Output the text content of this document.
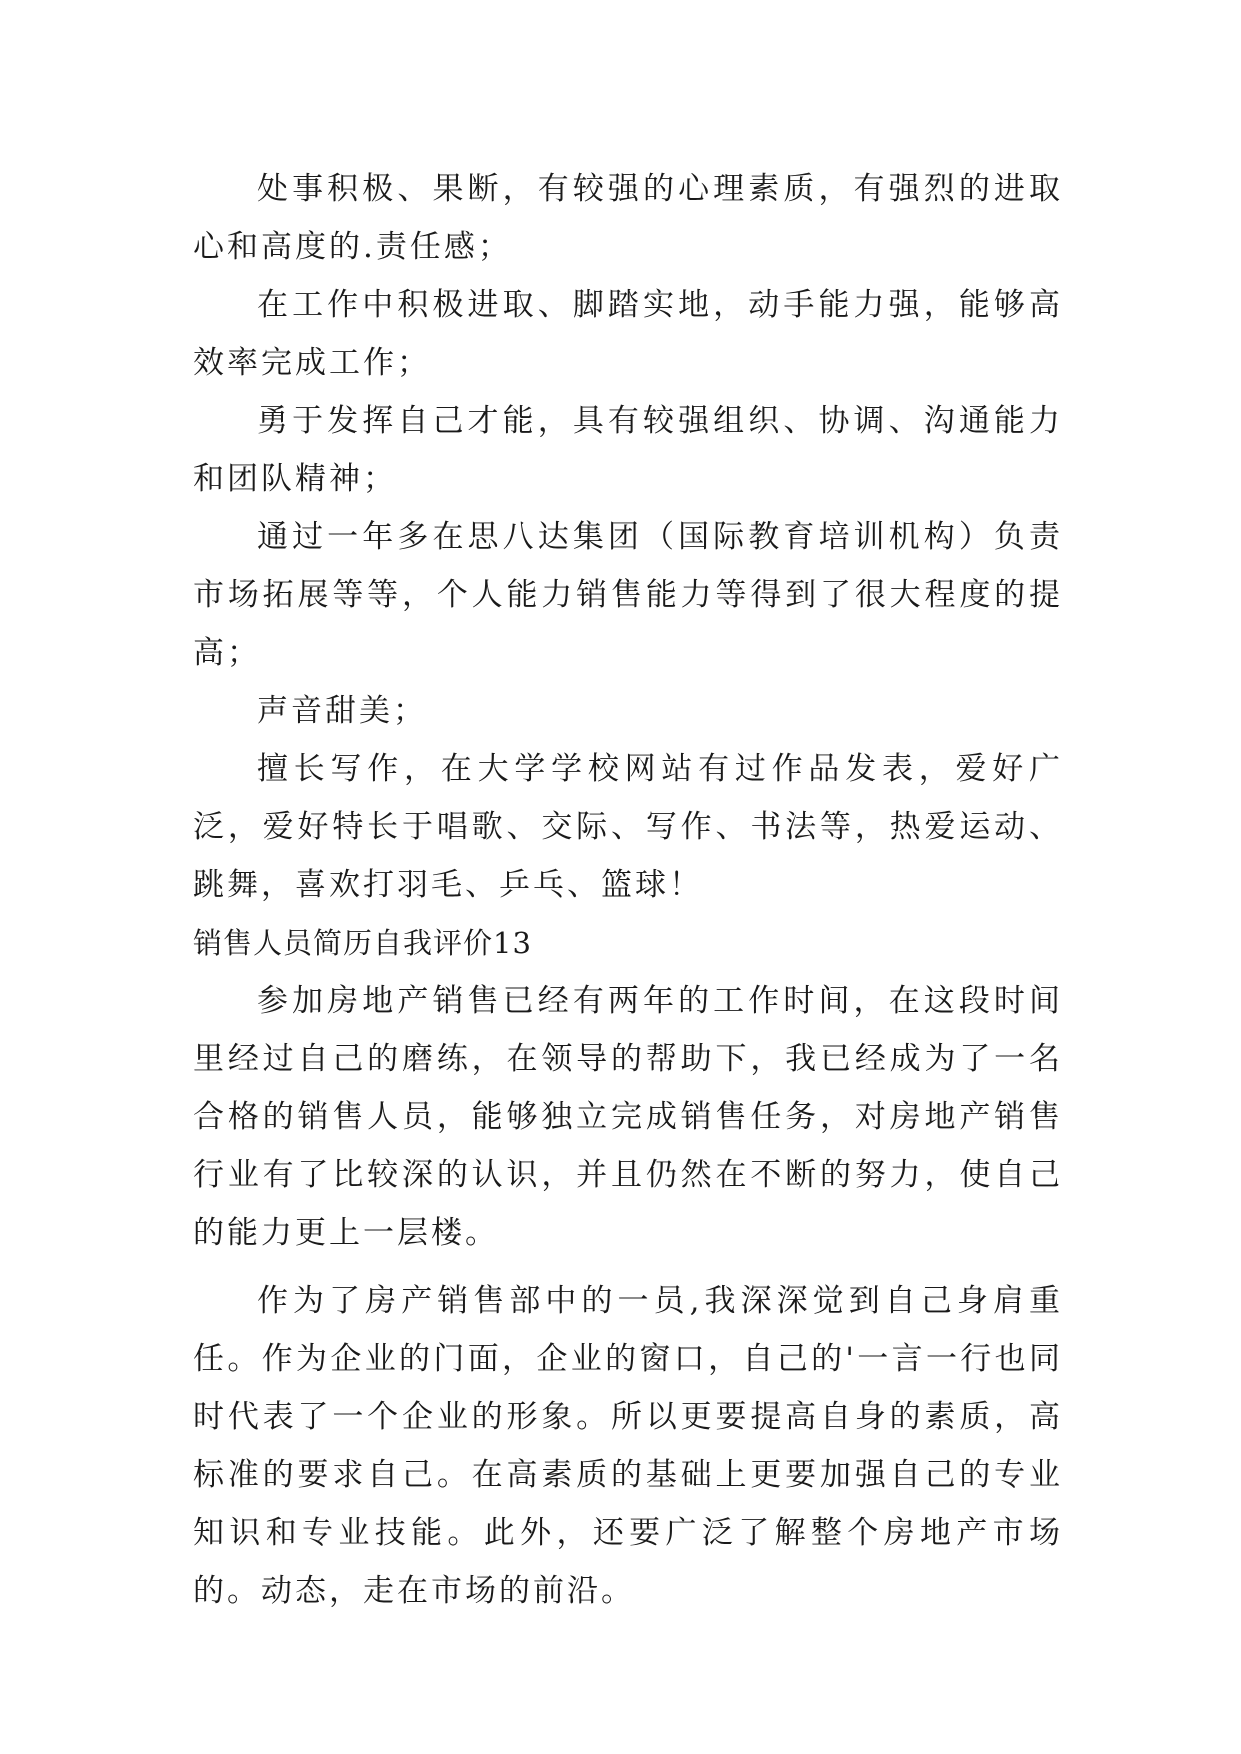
处事积极、果断，有较强的心理素质，有强烈的进取心和高度的.责任感；

在工作中积极进取、脚踏实地，动手能力强，能够高效率完成工作；

勇于发挥自己才能，具有较强组织、协调、沟通能力和团队精神；

通过一年多在思八达集团（国际教育培训机构）负责市场拓展等等，个人能力销售能力等得到了很大程度的提高；

声音甜美；

擅长写作，在大学学校网站有过作品发表，爱好广泛，爱好特长于唱歌、交际、写作、书法等，热爱运动、跳舞，喜欢打羽毛、乒乓、篮球！

销售人员简历自我评价13

参加房地产销售已经有两年的工作时间，在这段时间里经过自己的磨练，在领导的帮助下，我已经成为了一名合格的销售人员，能够独立完成销售任务，对房地产销售行业有了比较深的认识，并且仍然在不断的努力，使自己的能力更上一层楼。

作为了房产销售部中的一员,我深深觉到自己身肩重任。作为企业的门面，企业的窗口，自己的'一言一行也同时代表了一个企业的形象。所以更要提高自身的素质，高标准的要求自己。在高素质的基础上更要加强自己的专业知识和专业技能。此外，还要广泛了解整个房地产市场的。动态，走在市场的前沿。
